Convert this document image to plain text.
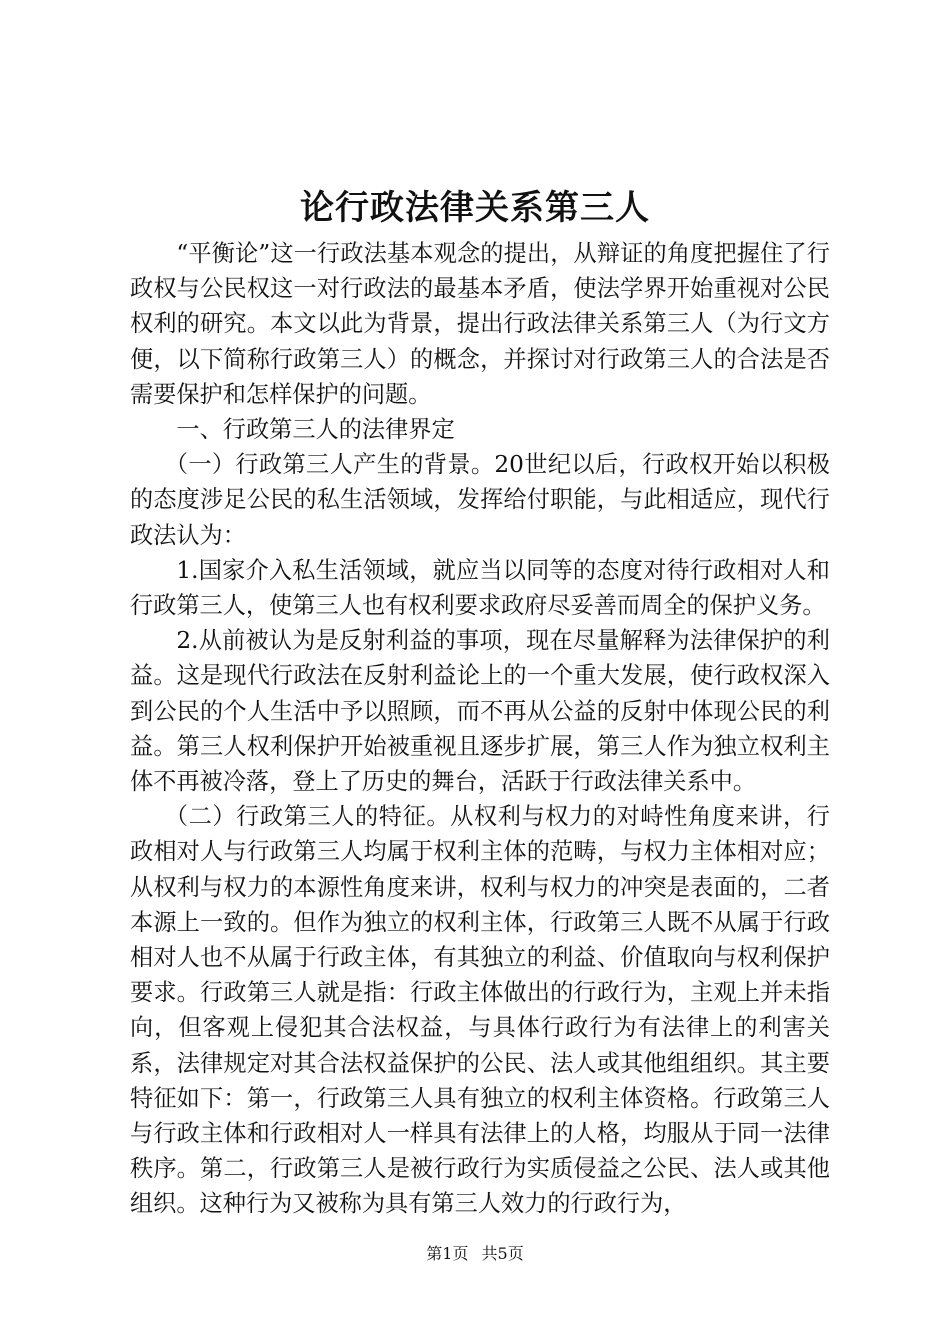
论行政法律关系第三人

“平衡论”这一行政法基本观念的提出，从辩证的角度把握住了行政权与公民权这一对行政法的最基本矛盾，使法学界开始重视对公民权利的研究。本文以此为背景，提出行政法律关系第三人（为行文方便，以下简称行政第三人）的概念，并探讨对行政第三人的合法是否需要保护和怎样保护的问题。

一、行政第三人的法律界定

（一）行政第三人产生的背景。20世纪以后，行政权开始以积极的态度涉足公民的私生活领域，发挥给付职能，与此相适应，现代行政法认为：

1.国家介入私生活领域，就应当以同等的态度对待行政相对人和行政第三人，使第三人也有权利要求政府尽妥善而周全的保护义务。

2.从前被认为是反射利益的事项，现在尽量解释为法律保护的利益。这是现代行政法在反射利益论上的一个重大发展，使行政权深入到公民的个人生活中予以照顾，而不再从公益的反射中体现公民的利益。第三人权利保护开始被重视且逐步扩展，第三人作为独立权利主体不再被冷落，登上了历史的舞台，活跃于行政法律关系中。

（二）行政第三人的特征。从权利与权力的对峙性角度来讲，行政相对人与行政第三人均属于权利主体的范畴，与权力主体相对应；从权利与权力的本源性角度来讲，权利与权力的冲突是表面的，二者本源上一致的。但作为独立的权利主体，行政第三人既不从属于行政相对人也不从属于行政主体，有其独立的利益、价值取向与权利保护要求。行政第三人就是指：行政主体做出的行政行为，主观上并未指向，但客观上侵犯其合法权益，与具体行政行为有法律上的利害关系，法律规定对其合法权益保护的公民、法人或其他组组织。其主要特征如下：第一，行政第三人具有独立的权利主体资格。行政第三人与行政主体和行政相对人一样具有法律上的人格，均服从于同一法律秩序。第二，行政第三人是被行政行为实质侵益之公民、法人或其他组织。这种行为又被称为具有第三人效力的行政行为，

第1页 共5页
